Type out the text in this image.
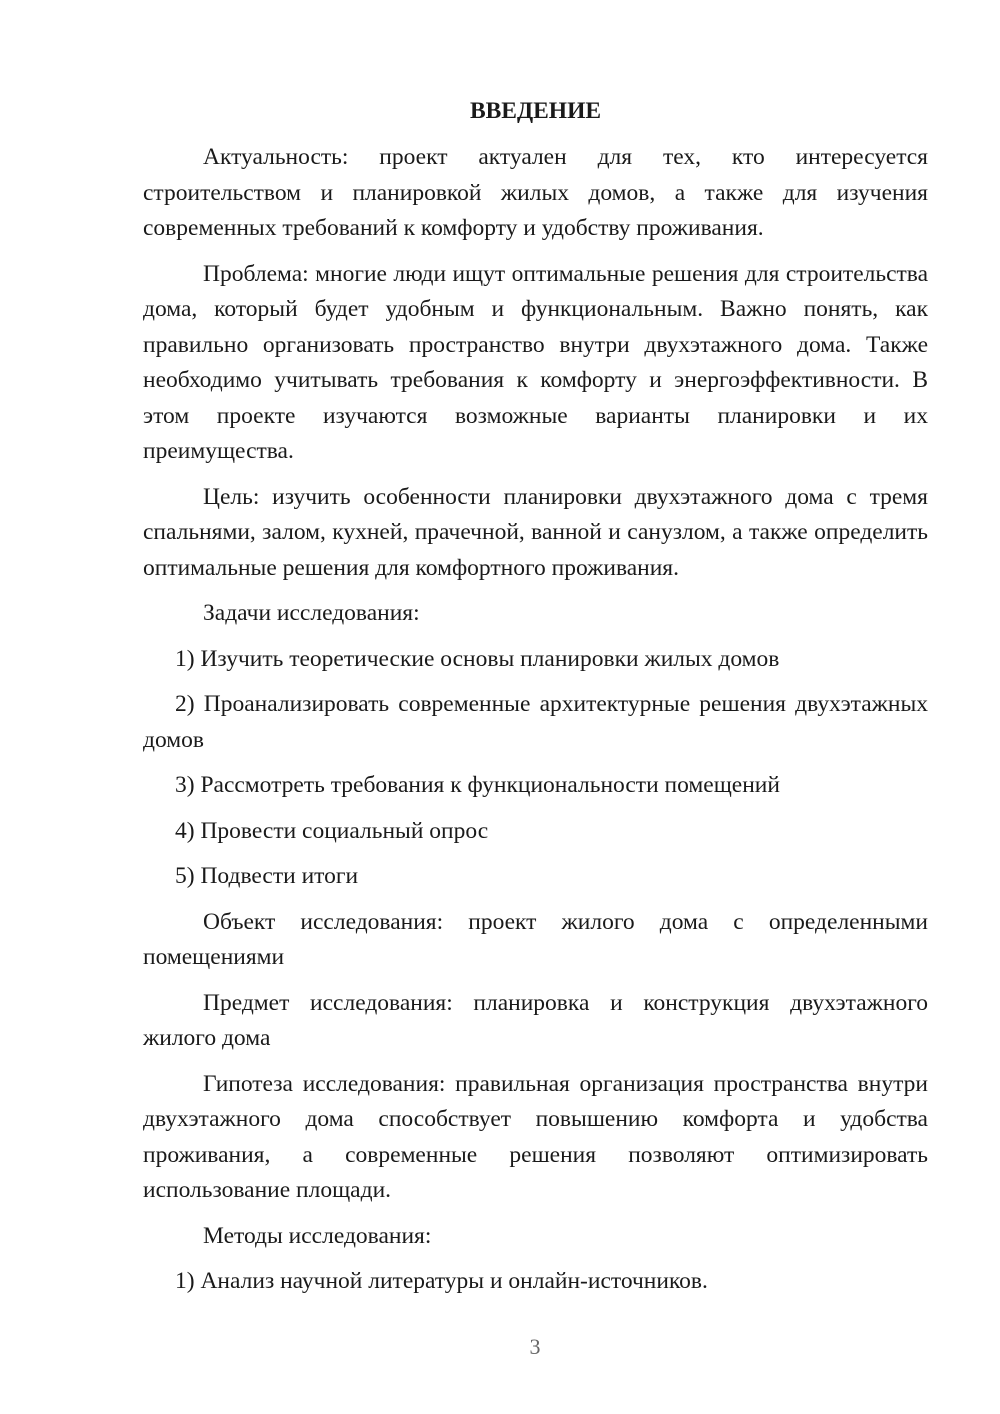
ВВЕДЕНИЕ

Актуальность: проект актуален для тех, кто интересуется строительством и планировкой жилых домов, а также для изучения современных требований к комфорту и удобству проживания.

Проблема: многие люди ищут оптимальные решения для строительства дома, который будет удобным и функциональным. Важно понять, как правильно организовать пространство внутри двухэтажного дома. Также необходимо учитывать требования к комфорту и энергоэффективности. В этом проекте изучаются возможные варианты планировки и их преимущества.

Цель: изучить особенности планировки двухэтажного дома с тремя спальнями, залом, кухней, прачечной, ванной и санузлом, а также определить оптимальные решения для комфортного проживания.

Задачи исследования:

1) Изучить теоретические основы планировки жилых домов

2) Проанализировать современные архитектурные решения двухэтажных домов

3) Рассмотреть требования к функциональности помещений

4) Провести социальный опрос

5) Подвести итоги

Объект исследования: проект жилого дома с определенными помещениями

Предмет исследования: планировка и конструкция двухэтажного жилого дома

Гипотеза исследования: правильная организация пространства внутри двухэтажного дома способствует повышению комфорта и удобства проживания, а современные решения позволяют оптимизировать использование площади.

Методы исследования:

1) Анализ научной литературы и онлайн-источников.

3
